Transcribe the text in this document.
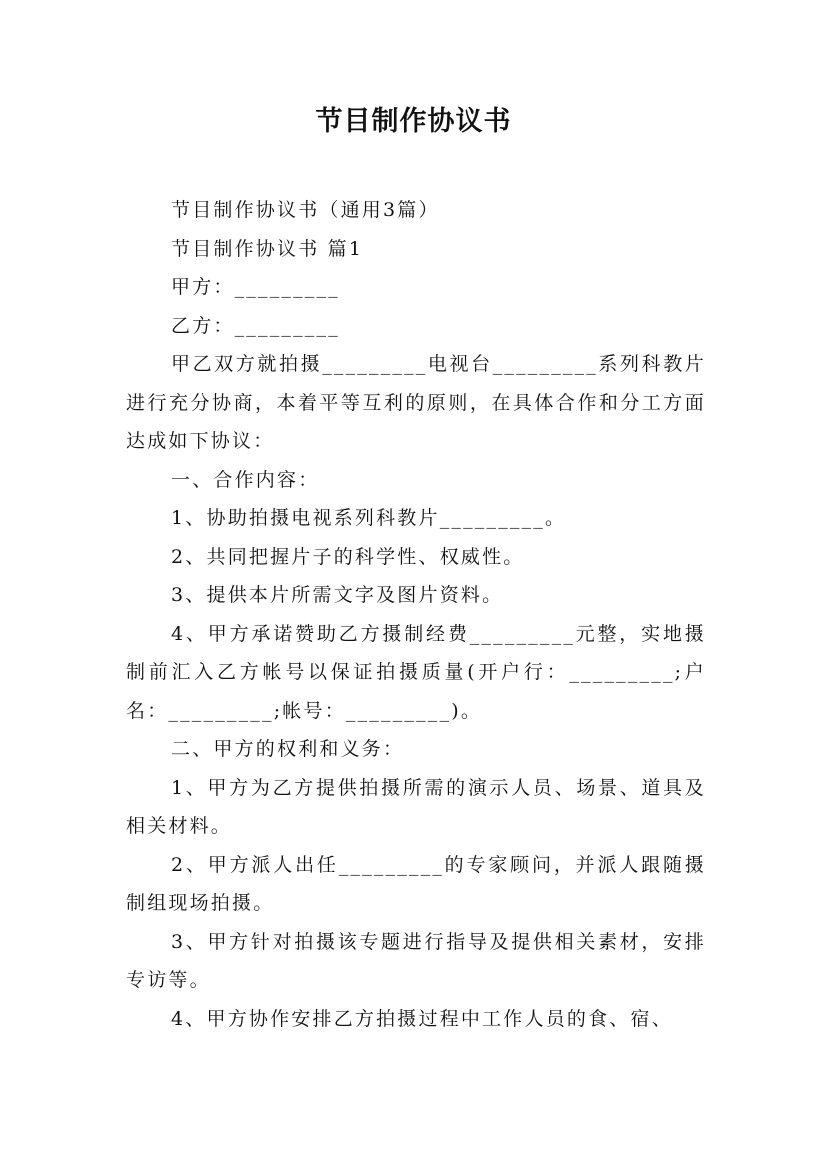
节目制作协议书

节目制作协议书（通用3篇）

节目制作协议书 篇1

甲方：_________

乙方：_________

甲乙双方就拍摄_________电视台_________系列科教片进行充分协商，本着平等互利的原则，在具体合作和分工方面达成如下协议：

一、合作内容：

1、协助拍摄电视系列科教片_________。

2、共同把握片子的科学性、权威性。

3、提供本片所需文字及图片资料。

4、甲方承诺赞助乙方摄制经费_________元整，实地摄制前汇入乙方帐号以保证拍摄质量(开户行：_________;户名：_________;帐号：_________)。

二、甲方的权利和义务：

1、甲方为乙方提供拍摄所需的演示人员、场景、道具及相关材料。

2、甲方派人出任_________的专家顾问，并派人跟随摄制组现场拍摄。

3、甲方针对拍摄该专题进行指导及提供相关素材，安排专访等。

4、甲方协作安排乙方拍摄过程中工作人员的食、宿、
